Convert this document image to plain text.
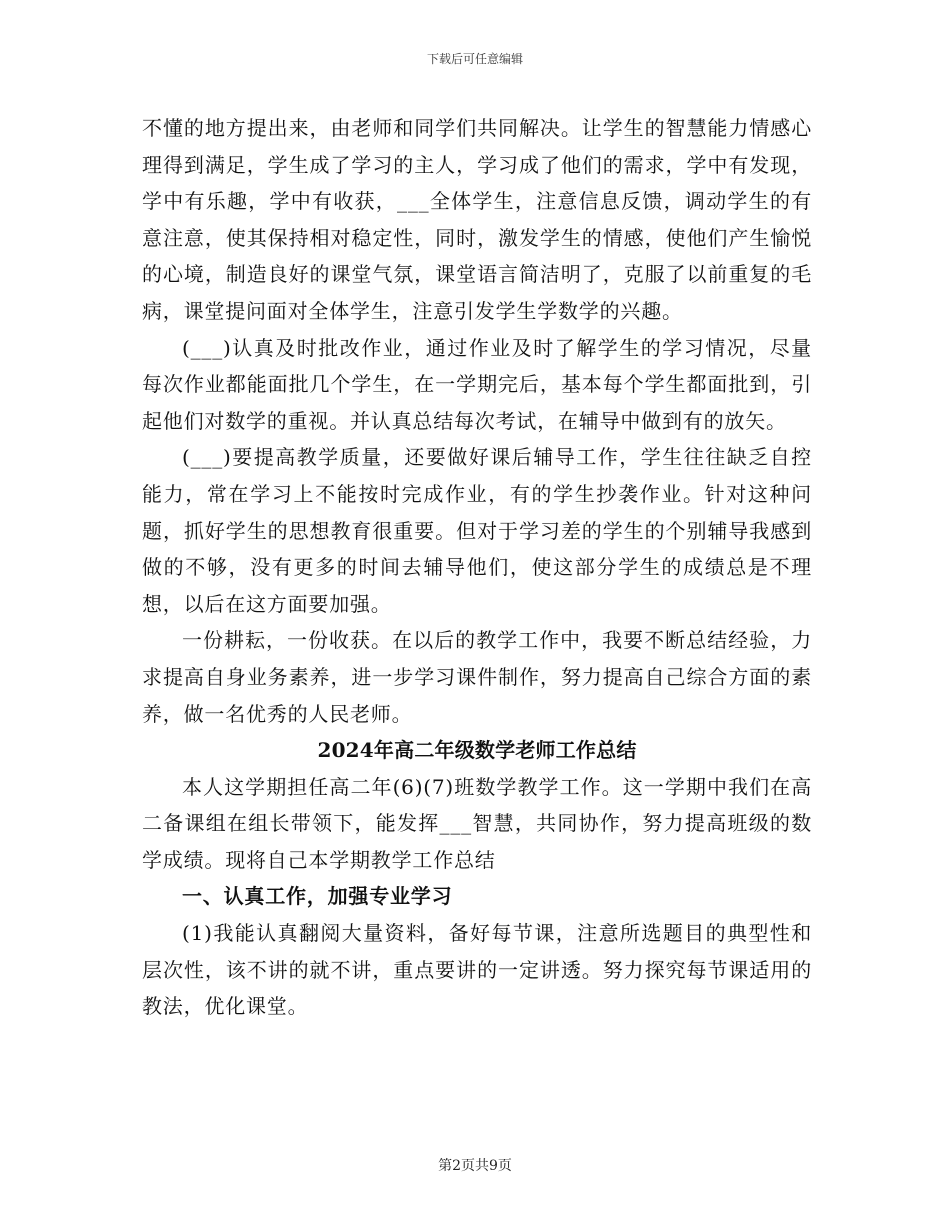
下载后可任意编辑

不懂的地方提出来，由老师和同学们共同解决。让学生的智慧能力情感心理得到满足，学生成了学习的主人，学习成了他们的需求，学中有发现，学中有乐趣，学中有收获，___全体学生，注意信息反馈，调动学生的有意注意，使其保持相对稳定性，同时，激发学生的情感，使他们产生愉悦的心境，制造良好的课堂气氛，课堂语言简洁明了，克服了以前重复的毛病，课堂提问面对全体学生，注意引发学生学数学的兴趣。

(___)认真及时批改作业，通过作业及时了解学生的学习情况，尽量每次作业都能面批几个学生，在一学期完后，基本每个学生都面批到，引起他们对数学的重视。并认真总结每次考试，在辅导中做到有的放矢。

(___)要提高教学质量，还要做好课后辅导工作，学生往往缺乏自控能力，常在学习上不能按时完成作业，有的学生抄袭作业。针对这种问题，抓好学生的思想教育很重要。但对于学习差的学生的个别辅导我感到做的不够，没有更多的时间去辅导他们，使这部分学生的成绩总是不理想，以后在这方面要加强。

一份耕耘，一份收获。在以后的教学工作中，我要不断总结经验，力求提高自身业务素养，进一步学习课件制作，努力提高自己综合方面的素养，做一名优秀的人民老师。

2024年高二年级数学老师工作总结

本人这学期担任高二年(6)(7)班数学教学工作。这一学期中我们在高二备课组在组长带领下，能发挥___智慧，共同协作，努力提高班级的数学成绩。现将自己本学期教学工作总结

一、认真工作，加强专业学习

(1)我能认真翻阅大量资料，备好每节课，注意所选题目的典型性和层次性，该不讲的就不讲，重点要讲的一定讲透。努力探究每节课适用的教法，优化课堂。

第2页共9页
